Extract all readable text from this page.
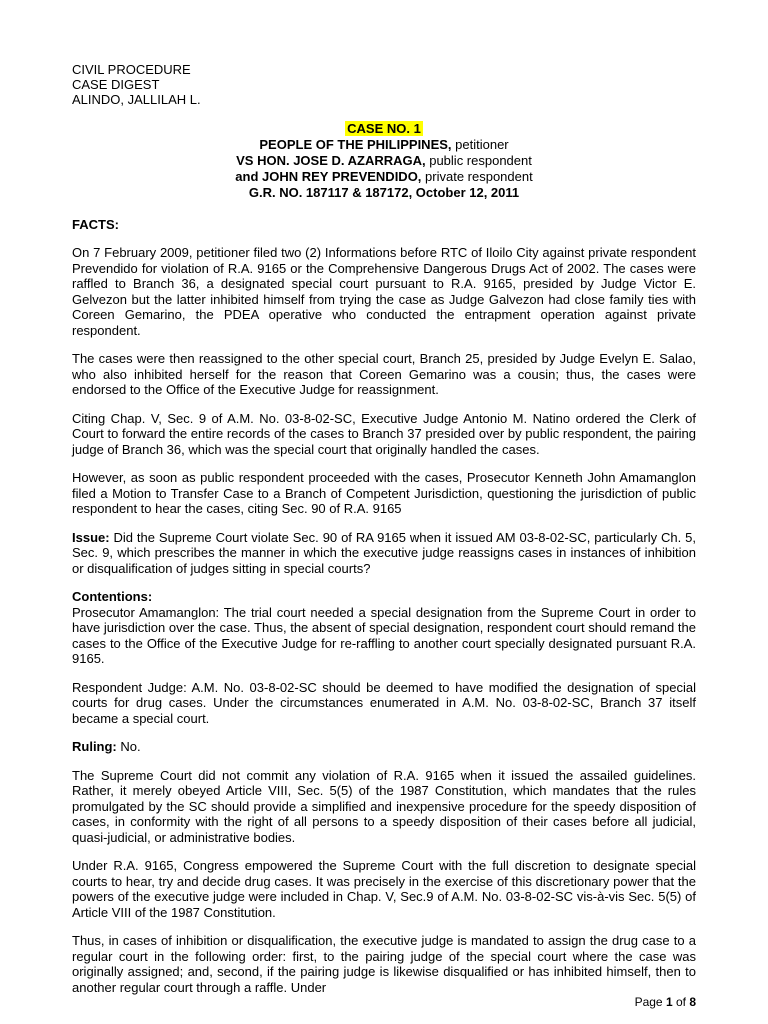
CIVIL PROCEDURE
CASE DIGEST
ALINDO, JALLILAH L.
CASE NO. 1
PEOPLE OF THE PHILIPPINES, petitioner
VS HON. JOSE D. AZARRAGA, public respondent
and JOHN REY PREVENDIDO, private respondent
G.R. NO. 187117 & 187172, October 12, 2011
FACTS:

On 7 February 2009, petitioner filed two (2) Informations before RTC of Iloilo City against private respondent Prevendido for violation of R.A. 9165 or the Comprehensive Dangerous Drugs Act of 2002. The cases were raffled to Branch 36, a designated special court pursuant to R.A. 9165, presided by Judge Victor E. Gelvezon but the latter inhibited himself from trying the case as Judge Galvezon had close family ties with Coreen Gemarino, the PDEA operative who conducted the entrapment operation against private respondent.

The cases were then reassigned to the other special court, Branch 25, presided by Judge Evelyn E. Salao, who also inhibited herself for the reason that Coreen Gemarino was a cousin; thus, the cases were endorsed to the Office of the Executive Judge for reassignment.

Citing Chap. V, Sec. 9 of A.M. No. 03-8-02-SC, Executive Judge Antonio M. Natino ordered the Clerk of Court to forward the entire records of the cases to Branch 37 presided over by public respondent, the pairing judge of Branch 36, which was the special court that originally handled the cases.

However, as soon as public respondent proceeded with the cases, Prosecutor Kenneth John Amamanglon filed a Motion to Transfer Case to a Branch of Competent Jurisdiction, questioning the jurisdiction of public respondent to hear the cases, citing Sec. 90 of R.A. 9165

Issue: Did the Supreme Court violate Sec. 90 of RA 9165 when it issued AM 03-8-02-SC, particularly Ch. 5, Sec. 9, which prescribes the manner in which the executive judge reassigns cases in instances of inhibition or disqualification of judges sitting in special courts?

Contentions:

Prosecutor Amamanglon: The trial court needed a special designation from the Supreme Court in order to have jurisdiction over the case. Thus, the absent of special designation, respondent court should remand the cases to the Office of the Executive Judge for re-raffling to another court specially designated pursuant R.A. 9165.

Respondent Judge: A.M. No. 03-8-02-SC should be deemed to have modified the designation of special courts for drug cases. Under the circumstances enumerated in A.M. No. 03-8-02-SC, Branch 37 itself became a special court.

Ruling: No.

The Supreme Court did not commit any violation of R.A. 9165 when it issued the assailed guidelines. Rather, it merely obeyed Article VIII, Sec. 5(5) of the 1987 Constitution, which mandates that the rules promulgated by the SC should provide a simplified and inexpensive procedure for the speedy disposition of cases, in conformity with the right of all persons to a speedy disposition of their cases before all judicial, quasi-judicial, or administrative bodies.

Under R.A. 9165, Congress empowered the Supreme Court with the full discretion to designate special courts to hear, try and decide drug cases. It was precisely in the exercise of this discretionary power that the powers of the executive judge were included in Chap. V, Sec.9 of A.M. No. 03-8-02-SC vis-à-vis Sec. 5(5) of Article VIII of the 1987 Constitution.

Thus, in cases of inhibition or disqualification, the executive judge is mandated to assign the drug case to a regular court in the following order: first, to the pairing judge of the special court where the case was originally assigned; and, second, if the pairing judge is likewise disqualified or has inhibited himself, then to another regular court through a raffle. Under

Page 1 of 8
